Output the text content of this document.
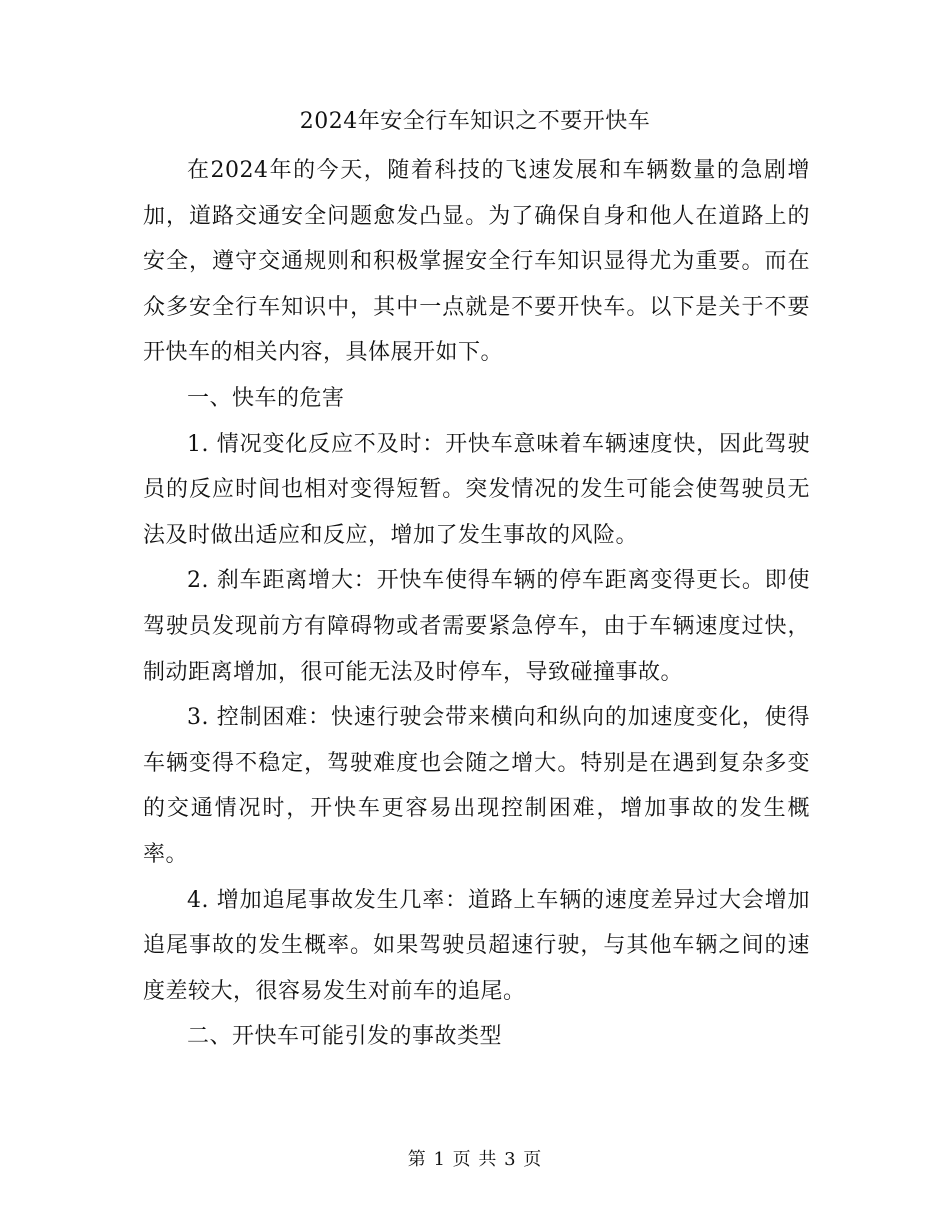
2024年安全行车知识之不要开快车

在2024年的今天，随着科技的飞速发展和车辆数量的急剧增加，道路交通安全问题愈发凸显。为了确保自身和他人在道路上的安全，遵守交通规则和积极掌握安全行车知识显得尤为重要。而在众多安全行车知识中，其中一点就是不要开快车。以下是关于不要开快车的相关内容，具体展开如下。

一、快车的危害

1. 情况变化反应不及时：开快车意味着车辆速度快，因此驾驶员的反应时间也相对变得短暂。突发情况的发生可能会使驾驶员无法及时做出适应和反应，增加了发生事故的风险。

2. 刹车距离增大：开快车使得车辆的停车距离变得更长。即使驾驶员发现前方有障碍物或者需要紧急停车，由于车辆速度过快，制动距离增加，很可能无法及时停车，导致碰撞事故。

3. 控制困难：快速行驶会带来横向和纵向的加速度变化，使得车辆变得不稳定，驾驶难度也会随之增大。特别是在遇到复杂多变的交通情况时，开快车更容易出现控制困难，增加事故的发生概率。

4. 增加追尾事故发生几率：道路上车辆的速度差异过大会增加追尾事故的发生概率。如果驾驶员超速行驶，与其他车辆之间的速度差较大，很容易发生对前车的追尾。

二、开快车可能引发的事故类型

第 1 页 共 3 页
